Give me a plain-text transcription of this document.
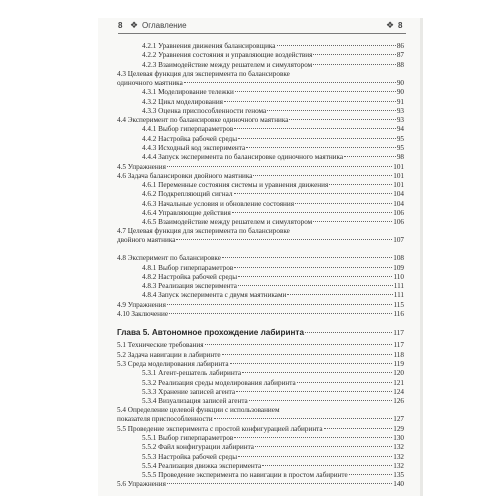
8 ❖ Оглавление	❖ 8
4.2.1 Уравнения движения балансировщика	86
4.2.2 Уравнения состояния и управляющие воздействия	87
4.2.3 Взаимодействие между решателем и симулятором	88
4.3 Целевая функция для эксперимента по балансировке
одиночного маятника	90
4.3.1 Моделирование тележки	90
4.3.2 Цикл моделирования	91
4.3.3 Оценка приспособленности генома	93
4.4 Эксперимент по балансировке одиночного маятника	93
4.4.1 Выбор гиперпараметров	94
4.4.2 Настройка рабочей среды	95
4.4.3 Исходный код эксперимента	95
4.4.4 Запуск эксперимента по балансировке одиночного маятника	98
4.5 Упражнения	101
4.6 Задача балансировки двойного маятника	101
4.6.1 Переменные состояния системы и уравнения движения	101
4.6.2 Подкрепляющий сигнал	104
4.6.3 Начальные условия и обновление состояния	104
4.6.4 Управляющие действия	106
4.6.5 Взаимодействие между решателем и симулятором	106
4.7 Целевая функция для эксперимента по балансировке
двойного маятника	107
4.8 Эксперимент по балансировке	108
4.8.1 Выбор гиперпараметров	109
4.8.2 Настройка рабочей среды	110
4.8.3 Реализация эксперимента	111
4.8.4 Запуск эксперимента с двумя маятниками	111
4.9 Упражнения	115
4.10 Заключение	116
Глава 5. Автономное прохождение лабиринта	117
5.1 Технические требования	117
5.2 Задача навигации в лабиринте	118
5.3 Среда моделирования лабиринта	119
5.3.1 Агент-решатель лабиринта	120
5.3.2 Реализация среды моделирования лабиринта	121
5.3.3 Хранение записей агента	124
5.3.4 Визуализация записей агента	126
5.4 Определение целевой функции с использованием
показателя приспособленности	127
5.5 Проведение эксперимента с простой конфигурацией лабиринта	129
5.5.1 Выбор гиперпараметров	130
5.5.2 Файл конфигурации лабиринта	132
5.5.3 Настройка рабочей среды	132
5.5.4 Реализация движка эксперимента	132
5.5.5 Проведение эксперимента по навигации в простом лабиринте	135
5.6 Упражнения	140
